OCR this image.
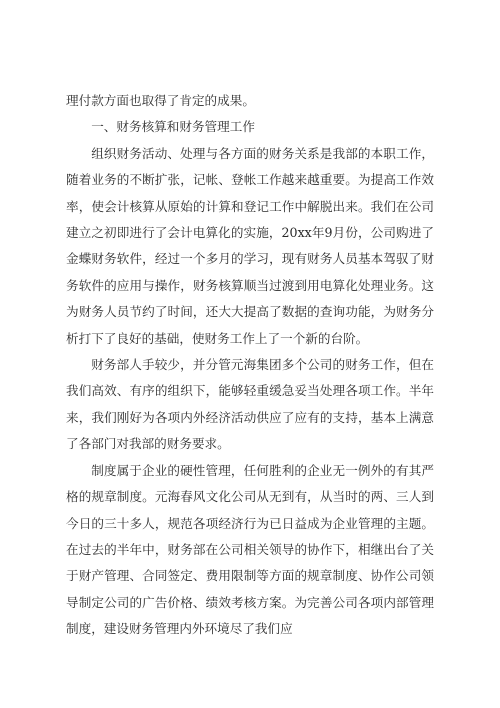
理付款方面也取得了肯定的成果。

一、财务核算和财务管理工作

组织财务活动、处理与各方面的财务关系是我部的本职工作，随着业务的不断扩张，记帐、登帐工作越来越重要。为提高工作效率，使会计核算从原始的计算和登记工作中解脱出来。我们在公司建立之初即进行了会计电算化的实施，20xx年9月份，公司购进了金蝶财务软件，经过一个多月的学习，现有财务人员基本驾驭了财务软件的应用与操作，财务核算顺当过渡到用电算化处理业务。这为财务人员节约了时间，还大大提高了数据的查询功能，为财务分析打下了良好的基础，使财务工作上了一个新的台阶。

财务部人手较少，并分管元海集团多个公司的财务工作，但在我们高效、有序的组织下，能够轻重缓急妥当处理各项工作。半年来，我们刚好为各项内外经济活动供应了应有的支持，基本上满意了各部门对我部的财务要求。

制度属于企业的硬性管理，任何胜利的企业无一例外的有其严格的规章制度。元海春风文化公司从无到有，从当时的两、三人到今日的三十多人，规范各项经济行为已日益成为企业管理的主题。在过去的半年中，财务部在公司相关领导的协作下，相继出台了关于财产管理、合同签定、费用限制等方面的规章制度、协作公司领导制定公司的广告价格、绩效考核方案。为完善公司各项内部管理制度，建设财务管理内外环境尽了我们应
